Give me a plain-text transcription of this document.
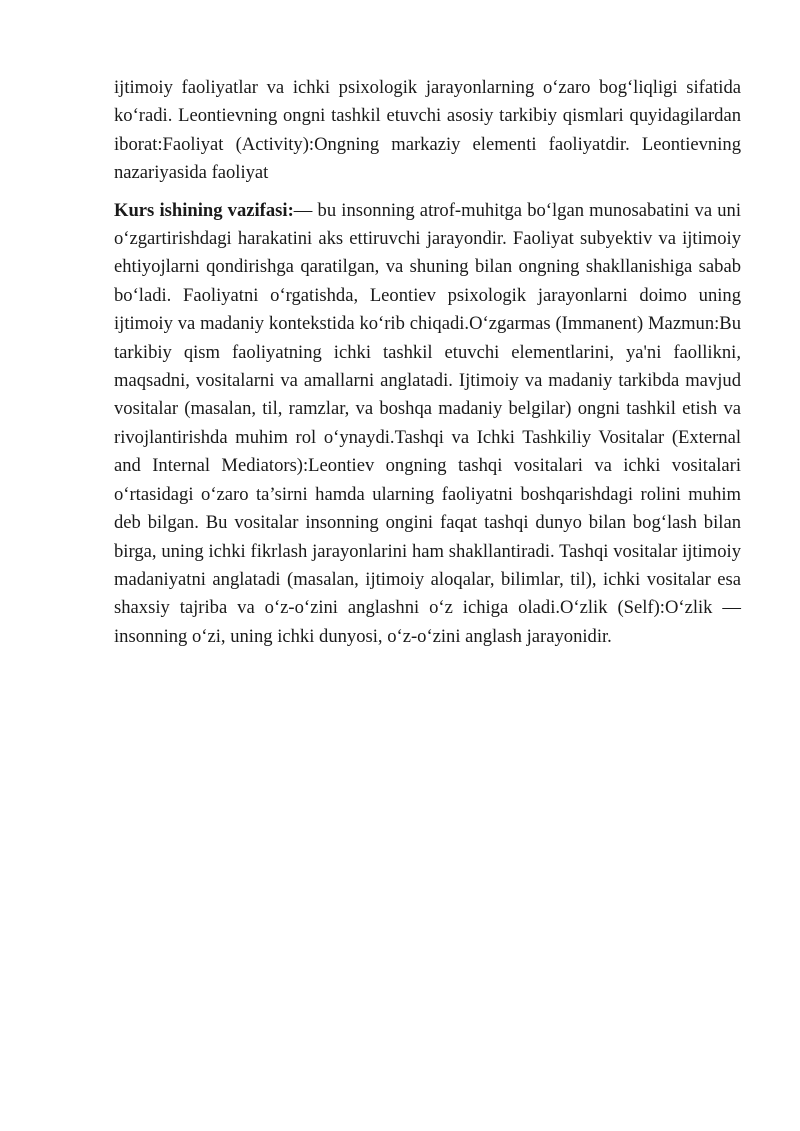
ijtimoiy faoliyatlar va ichki psixologik jarayonlarning o‘zaro bog‘liqligi sifatida ko‘radi. Leontievning ongni tashkil etuvchi asosiy tarkibiy qismlari quyidagilardan iborat:Faoliyat (Activity):Ongning markaziy elementi faoliyatdir. Leontievning nazariyasida faoliyat

Kurs ishining vazifasi:— bu insonning atrof-muhitga bo‘lgan munosabatini va uni o‘zgartirishdagi harakatini aks ettiruvchi jarayondir. Faoliyat subyektiv va ijtimoiy ehtiyojlarni qondirishga qaratilgan, va shuning bilan ongning shakllanishiga sabab bo‘ladi. Faoliyatni o‘rgatishda, Leontiev psixologik jarayonlarni doimo uning ijtimoiy va madaniy kontekstida ko‘rib chiqadi.O‘zgarmas (Immanent) Mazmun:Bu tarkibiy qism faoliyatning ichki tashkil etuvchi elementlarini, ya'ni faollikni, maqsadni, vositalarni va amallarni anglatadi. Ijtimoiy va madaniy tarkibda mavjud vositalar (masalan, til, ramzlar, va boshqa madaniy belgilar) ongni tashkil etish va rivojlantirishda muhim rol o‘ynaydi.Tashqi va Ichki Tashkiliy Vositalar (External and Internal Mediators):Leontiev ongning tashqi vositalari va ichki vositalari o‘rtasidagi o‘zaro ta’sirni hamda ularning faoliyatni boshqarishdagi rolini muhim deb bilgan. Bu vositalar insonning ongini faqat tashqi dunyo bilan bog‘lash bilan birga, uning ichki fikrlash jarayonlarini ham shakllantiradi. Tashqi vositalar ijtimoiy madaniyatni anglatadi (masalan, ijtimoiy aloqalar, bilimlar, til), ichki vositalar esa shaxsiy tajriba va o‘z-o‘zini anglashni o‘z ichiga oladi.O‘zlik (Self):O‘zlik — insonning o‘zi, uning ichki dunyosi, o‘z-o‘zini anglash jarayonidir.
